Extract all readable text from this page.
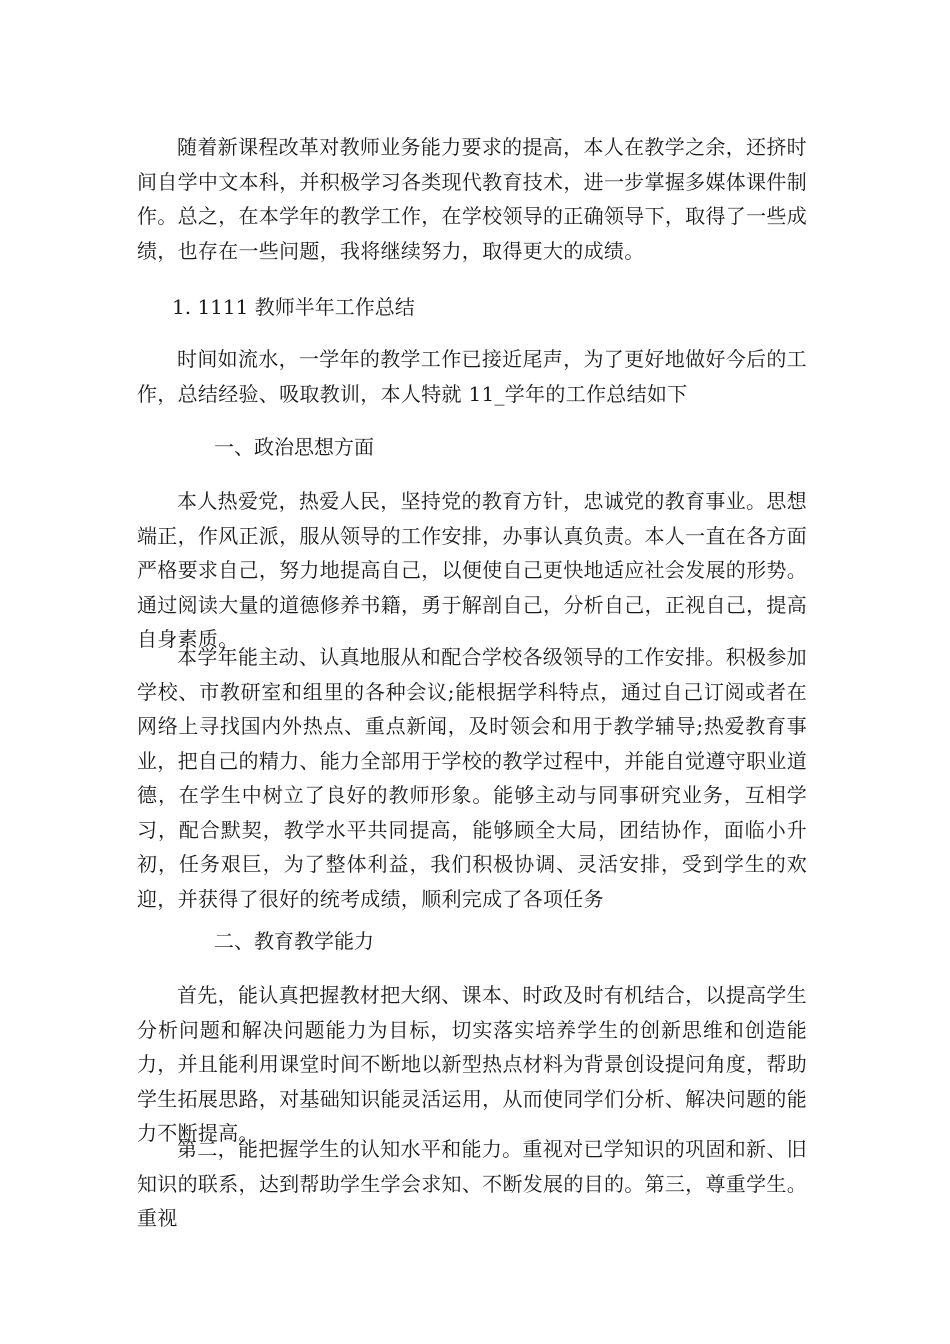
随着新课程改革对教师业务能力要求的提高，本人在教学之余，还挤时间自学中文本科，并积极学习各类现代教育技术，进一步掌握多媒体课件制作。总之，在本学年的教学工作，在学校领导的正确领导下，取得了一些成绩，也存在一些问题，我将继续努力，取得更大的成绩。

1. 1111 教师半年工作总结

时间如流水，一学年的教学工作已接近尾声，为了更好地做好今后的工作，总结经验、吸取教训，本人特就 11_学年的工作总结如下

一、政治思想方面

本人热爱党，热爱人民，坚持党的教育方针，忠诚党的教育事业。思想端正，作风正派，服从领导的工作安排，办事认真负责。本人一直在各方面严格要求自己，努力地提高自己，以便使自己更快地适应社会发展的形势。通过阅读大量的道德修养书籍，勇于解剖自己，分析自己，正视自己，提高自身素质。

本学年能主动、认真地服从和配合学校各级领导的工作安排。积极参加学校、市教研室和组里的各种会议;能根据学科特点，通过自己订阅或者在网络上寻找国内外热点、重点新闻，及时领会和用于教学辅导;热爱教育事业，把自己的精力、能力全部用于学校的教学过程中，并能自觉遵守职业道德，在学生中树立了良好的教师形象。能够主动与同事研究业务，互相学习，配合默契，教学水平共同提高，能够顾全大局，团结协作，面临小升初，任务艰巨，为了整体利益，我们积极协调、灵活安排，受到学生的欢迎，并获得了很好的统考成绩，顺利完成了各项任务

二、教育教学能力

首先，能认真把握教材把大纲、课本、时政及时有机结合，以提高学生分析问题和解决问题能力为目标，切实落实培养学生的创新思维和创造能力，并且能利用课堂时间不断地以新型热点材料为背景创设提问角度，帮助学生拓展思路，对基础知识能灵活运用，从而使同学们分析、解决问题的能力不断提高。

第二，能把握学生的认知水平和能力。重视对已学知识的巩固和新、旧知识的联系，达到帮助学生学会求知、不断发展的目的。第三，尊重学生。重视
